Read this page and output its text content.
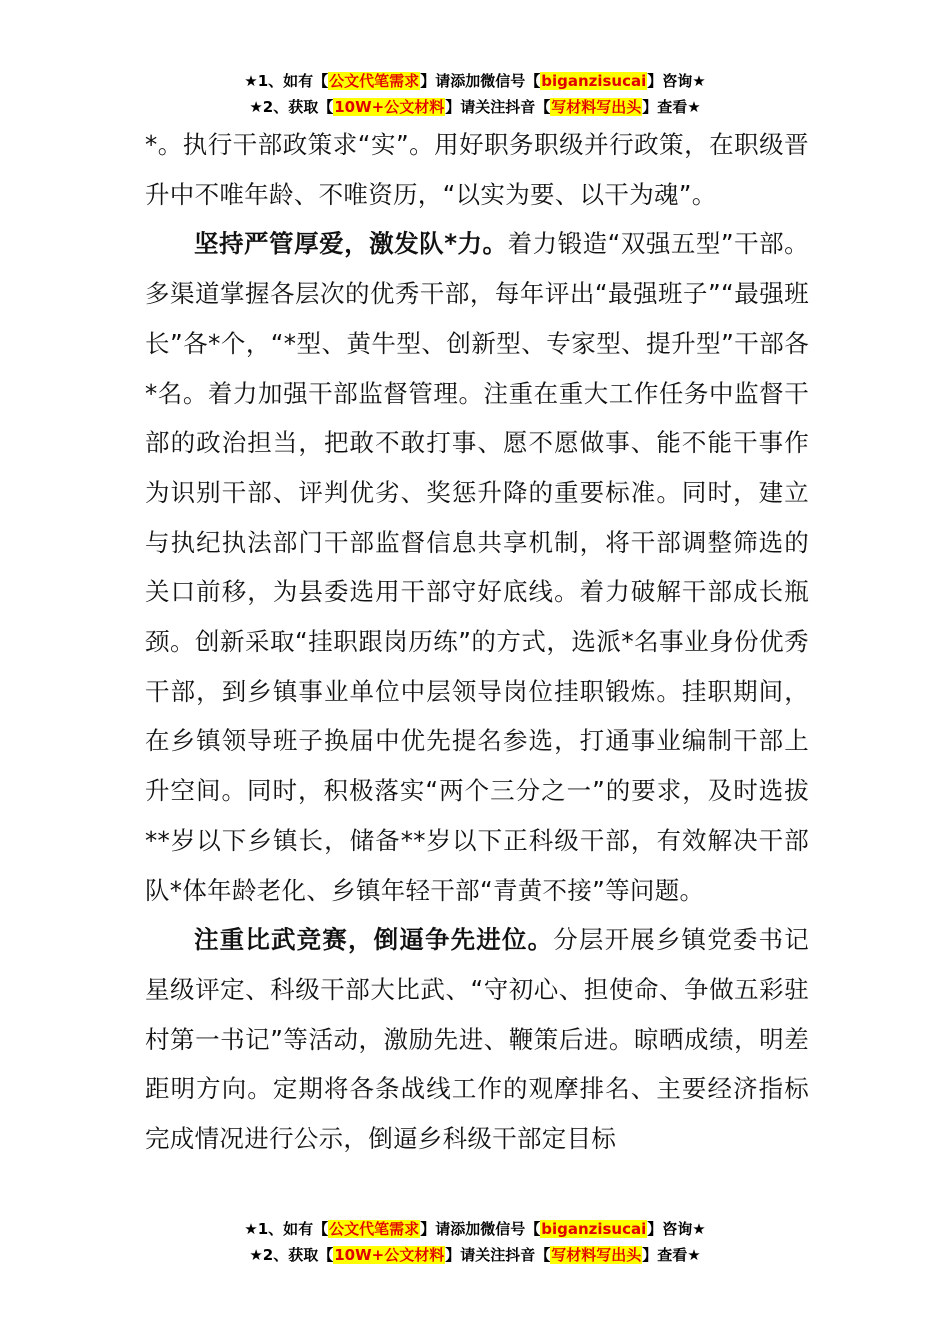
★1、如有【公文代笔需求】请添加微信号【biganzisucai】咨询★
★2、获取【10W+公文材料】请关注抖音【写材料写出头】查看★

*。执行干部政策求“实”。用好职务职级并行政策，在职级晋升中不唯年龄、不唯资历，“以实为要、以干为魂”。

坚持严管厚爱，激发队*力。着力锻造“双强五型”干部。多渠道掌握各层次的优秀干部，每年评出“最强班子”“最强班长”各*个，“*型、黄牛型、创新型、专家型、提升型”干部各*名。着力加强干部监督管理。注重在重大工作任务中监督干部的政治担当，把敢不敢打事、愿不愿做事、能不能干事作为识别干部、评判优劣、奖惩升降的重要标准。同时，建立与执纪执法部门干部监督信息共享机制，将干部调整筛选的关口前移，为县委选用干部守好底线。着力破解干部成长瓶颈。创新采取“挂职跟岗历练”的方式，选派*名事业身份优秀干部，到乡镇事业单位中层领导岗位挂职锻炼。挂职期间，在乡镇领导班子换届中优先提名参选，打通事业编制干部上升空间。同时，积极落实“两个三分之一”的要求，及时选拔**岁以下乡镇长，储备**岁以下正科级干部，有效解决干部队*体年龄老化、乡镇年轻干部“青黄不接”等问题。

注重比武竞赛，倒逼争先进位。分层开展乡镇党委书记星级评定、科级干部大比武、“守初心、担使命、争做五彩驻村第一书记”等活动，激励先进、鞭策后进。晾晒成绩，明差距明方向。定期将各条战线工作的观摩排名、主要经济指标完成情况进行公示，倒逼乡科级干部定目标

★1、如有【公文代笔需求】请添加微信号【biganzisucai】咨询★
★2、获取【10W+公文材料】请关注抖音【写材料写出头】查看★
